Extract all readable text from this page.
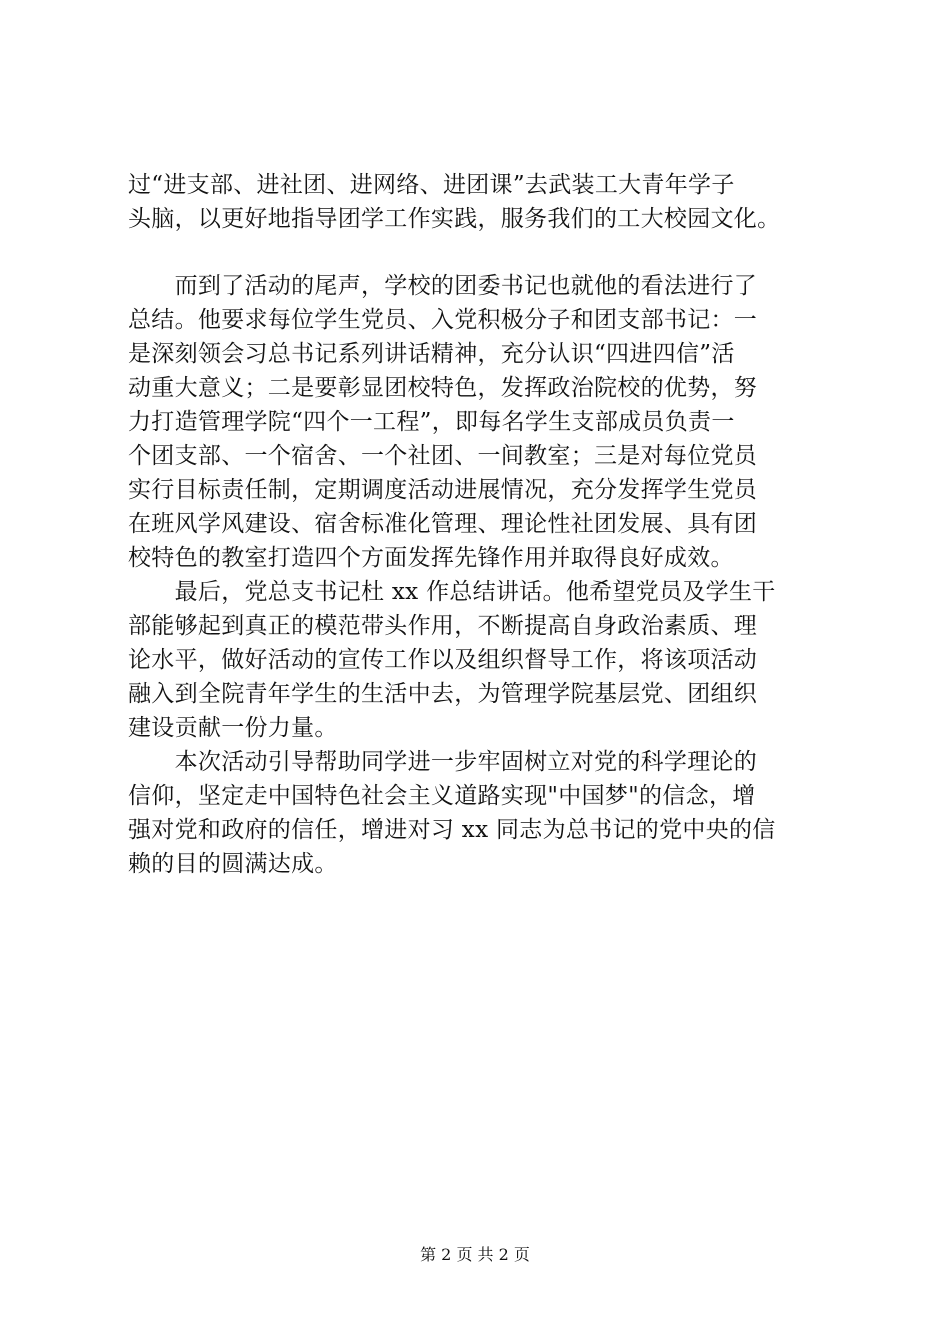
过“进支部、进社团、进网络、进团课”去武装工大青年学子
头脑，以更好地指导团学工作实践，服务我们的工大校园文化。
　　而到了活动的尾声，学校的团委书记也就他的看法进行了
总结。他要求每位学生党员、入党积极分子和团支部书记：一
是深刻领会习总书记系列讲话精神，充分认识“四进四信”活
动重大意义；二是要彰显团校特色，发挥政治院校的优势，努
力打造管理学院“四个一工程”，即每名学生支部成员负责一
个团支部、一个宿舍、一个社团、一间教室；三是对每位党员
实行目标责任制，定期调度活动进展情况，充分发挥学生党员
在班风学风建设、宿舍标准化管理、理论性社团发展、具有团
校特色的教室打造四个方面发挥先锋作用并取得良好成效。
　　最后，党总支书记杜 xx 作总结讲话。他希望党员及学生干
部能够起到真正的模范带头作用，不断提高自身政治素质、理
论水平，做好活动的宣传工作以及组织督导工作，将该项活动
融入到全院青年学生的生活中去，为管理学院基层党、团组织
建设贡献一份力量。
　　本次活动引导帮助同学进一步牢固树立对党的科学理论的
信仰，坚定走中国特色社会主义道路实现"中国梦"的信念，增
强对党和政府的信任，增进对习 xx 同志为总书记的党中央的信
赖的目的圆满达成。
第 2 页 共 2 页
